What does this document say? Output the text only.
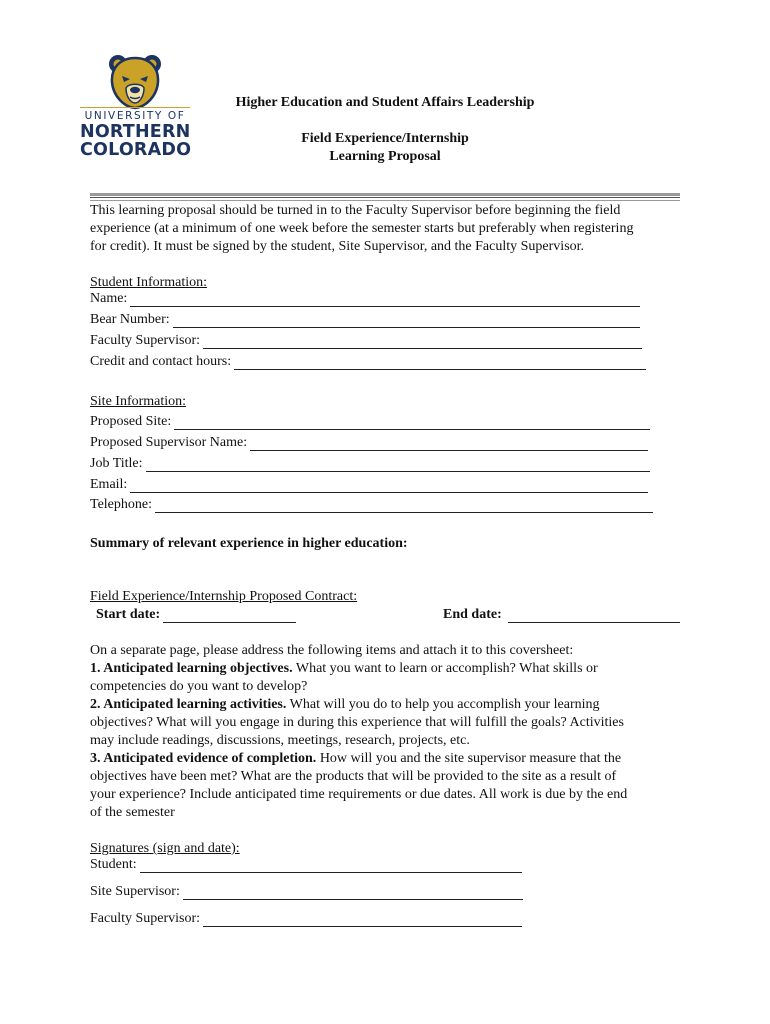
UNIVERSITY OF
NORTHERN
COLORADO
Higher Education and Student Affairs Leadership
Field Experience/Internship
Learning Proposal
This learning proposal should be turned in to the Faculty Supervisor before beginning the field
experience (at a minimum of one week before the semester starts but preferably when registering
for credit). It must be signed by the student, Site Supervisor, and the Faculty Supervisor.
Student Information:
Name:
Bear Number:
Faculty Supervisor:
Credit and contact hours:
Site Information:
Proposed Site:
Proposed Supervisor Name:
Job Title:
Email:
Telephone:
Summary of relevant experience in higher education:
Field Experience/Internship Proposed Contract:
Start date:	End date:
On a separate page, please address the following items and attach it to this coversheet:
1. Anticipated learning objectives. What you want to learn or accomplish? What skills or
competencies do you want to develop?
2. Anticipated learning activities. What will you do to help you accomplish your learning
objectives? What will you engage in during this experience that will fulfill the goals? Activities
may include readings, discussions, meetings, research, projects, etc.
3. Anticipated evidence of completion. How will you and the site supervisor measure that the
objectives have been met? What are the products that will be provided to the site as a result of
your experience? Include anticipated time requirements or due dates. All work is due by the end
of the semester
Signatures (sign and date):
Student:
Site Supervisor:
Faculty Supervisor:
